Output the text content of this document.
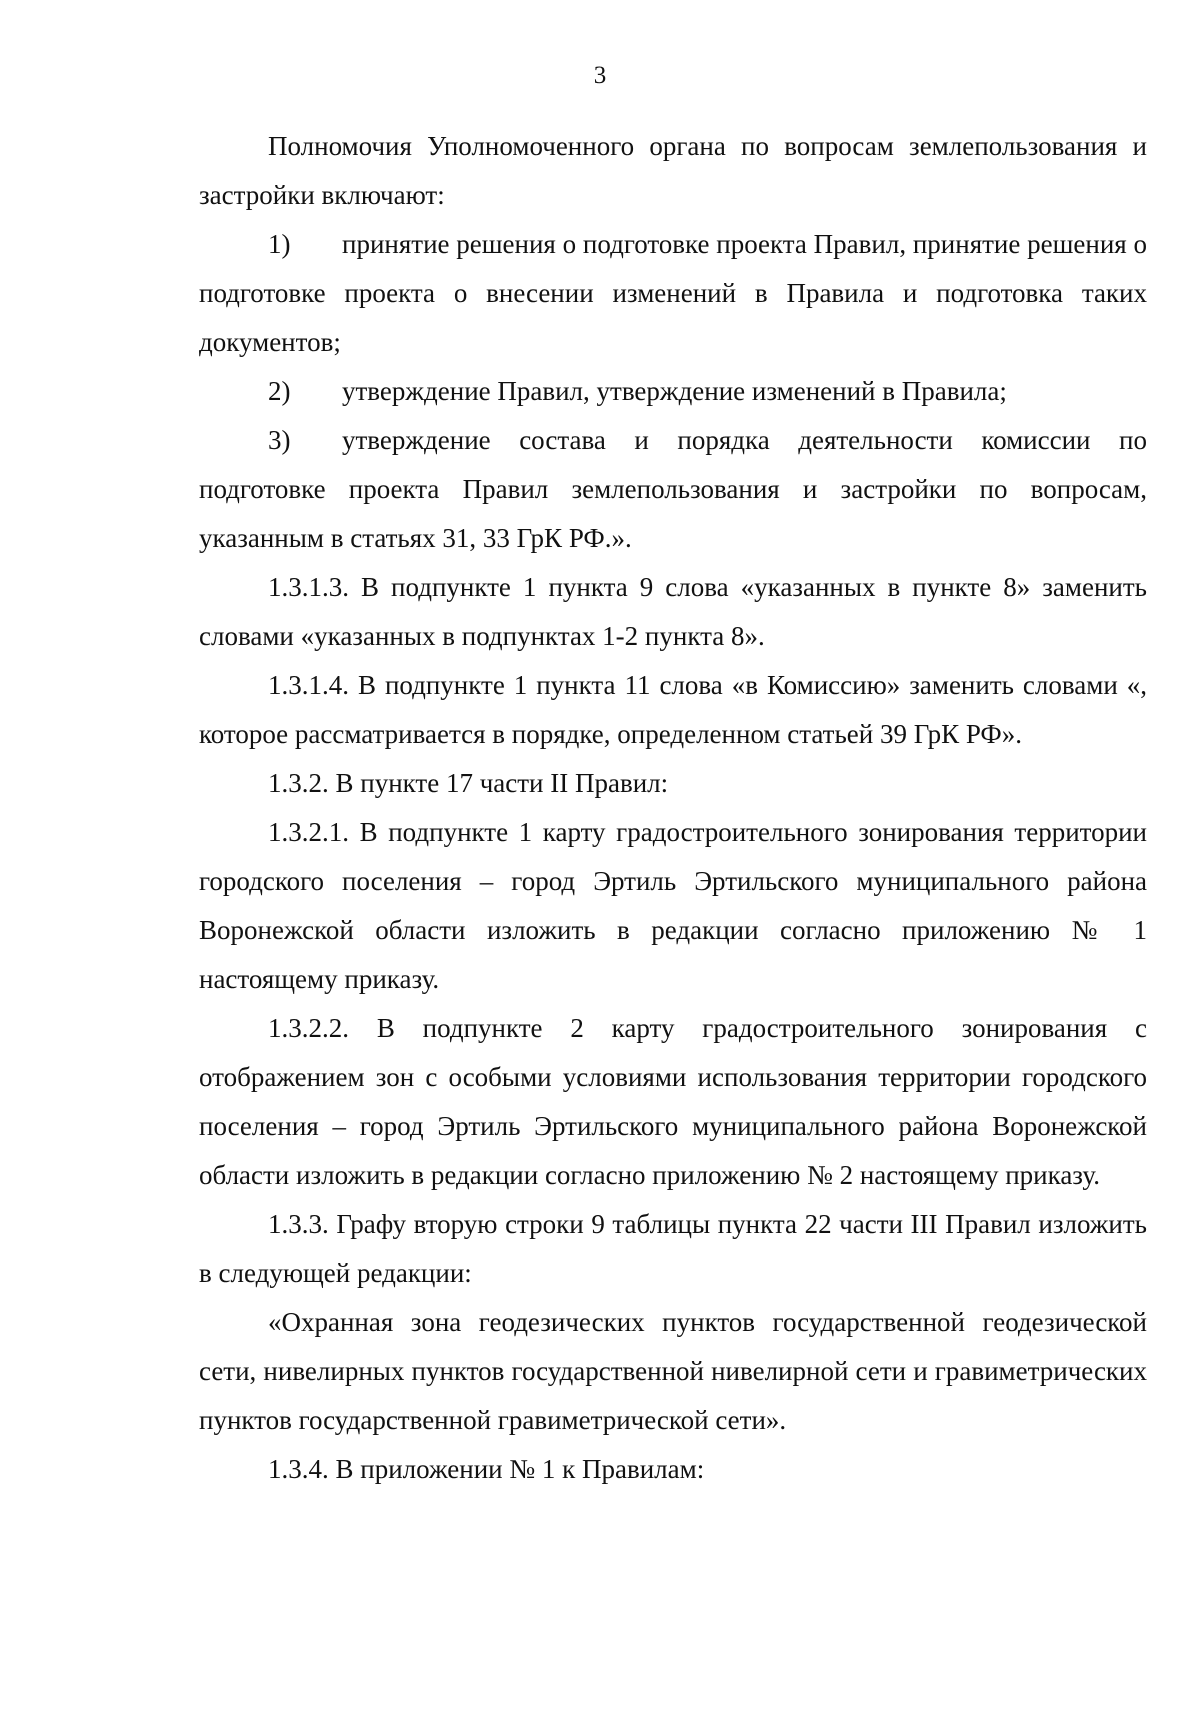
3

Полномочия Уполномоченного органа по вопросам землепользования и застройки включают:

1) принятие решения о подготовке проекта Правил, принятие решения о подготовке проекта о внесении изменений в Правила и подготовка таких документов;

2) утверждение Правил, утверждение изменений в Правила;

3) утверждение состава и порядка деятельности комиссии по подготовке проекта Правил землепользования и застройки по вопросам, указанным в статьях 31, 33 ГрК РФ.».

1.3.1.3. В подпункте 1 пункта 9 слова «указанных в пункте 8» заменить словами «указанных в подпунктах 1-2 пункта 8».

1.3.1.4. В подпункте 1 пункта 11 слова «в Комиссию» заменить словами «, которое рассматривается в порядке, определенном статьей 39 ГрК РФ».

1.3.2. В пункте 17 части II Правил:

1.3.2.1. В подпункте 1 карту градостроительного зонирования территории городского поселения – город Эртиль Эртильского муниципального района Воронежской области изложить в редакции согласно приложению № 1 настоящему приказу.

1.3.2.2. В подпункте 2 карту градостроительного зонирования с отображением зон с особыми условиями использования территории городского поселения – город Эртиль Эртильского муниципального района Воронежской области изложить в редакции согласно приложению № 2 настоящему приказу.

1.3.3. Графу вторую строки 9 таблицы пункта 22 части III Правил изложить в следующей редакции:

«Охранная зона геодезических пунктов государственной геодезической сети, нивелирных пунктов государственной нивелирной сети и гравиметрических пунктов государственной гравиметрической сети».

1.3.4. В приложении № 1 к Правилам:
